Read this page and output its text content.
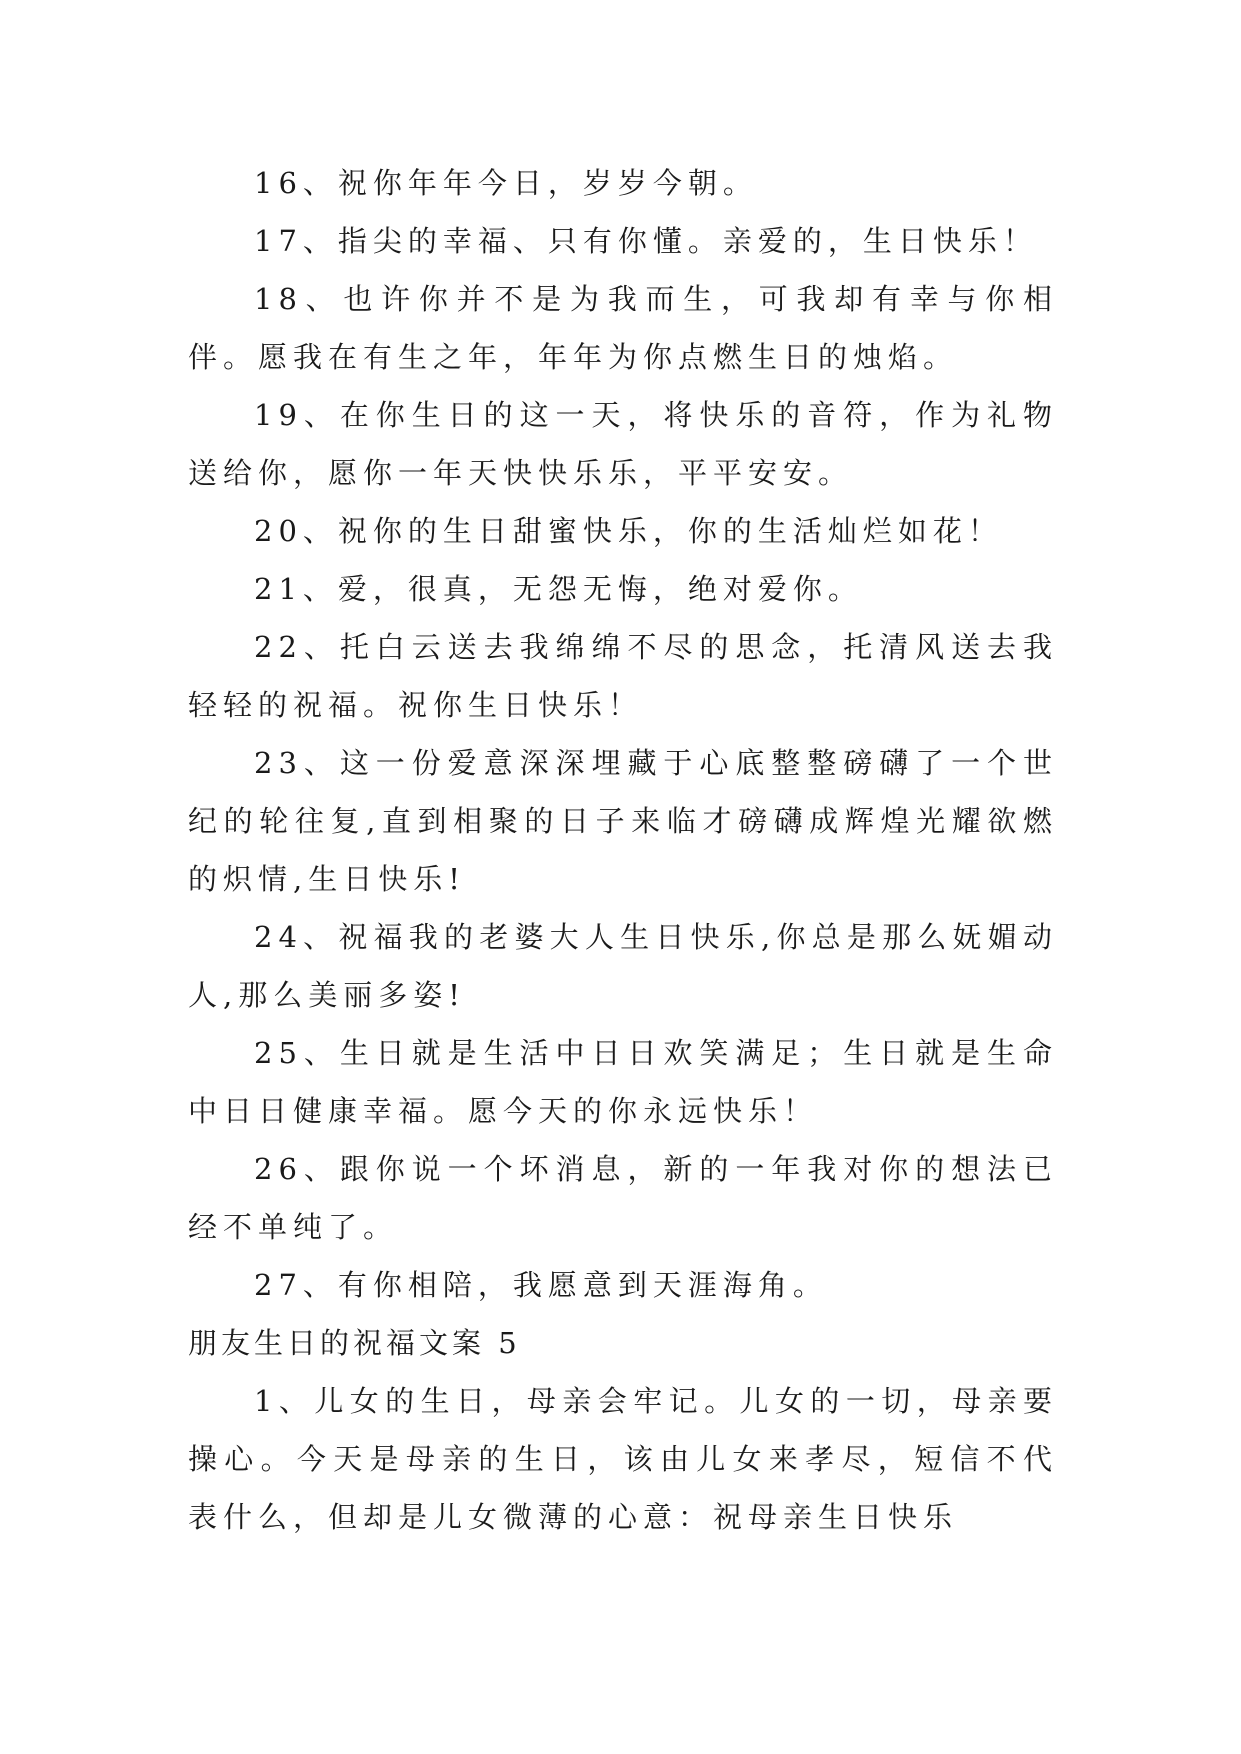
16、祝你年年今日，岁岁今朝。

17、指尖的幸福、只有你懂。亲爱的，生日快乐！

18、也许你并不是为我而生，可我却有幸与你相伴。愿我在有生之年，年年为你点燃生日的烛焰。

19、在你生日的这一天，将快乐的音符，作为礼物送给你，愿你一年天快快乐乐，平平安安。

20、祝你的生日甜蜜快乐，你的生活灿烂如花！

21、爱，很真，无怨无悔，绝对爱你。

22、托白云送去我绵绵不尽的思念，托清风送去我轻轻的祝福。祝你生日快乐！

23、这一份爱意深深埋藏于心底整整磅礴了一个世纪的轮往复,直到相聚的日子来临才磅礴成辉煌光耀欲燃的炽情,生日快乐!

24、祝福我的老婆大人生日快乐,你总是那么妩媚动人,那么美丽多姿!

25、生日就是生活中日日欢笑满足；生日就是生命中日日健康幸福。愿今天的你永远快乐！

26、跟你说一个坏消息，新的一年我对你的想法已经不单纯了。

27、有你相陪，我愿意到天涯海角。

朋友生日的祝福文案 5

1、儿女的生日，母亲会牢记。儿女的一切，母亲要操心。今天是母亲的生日，该由儿女来孝尽，短信不代表什么，但却是儿女微薄的心意：祝母亲生日快乐
